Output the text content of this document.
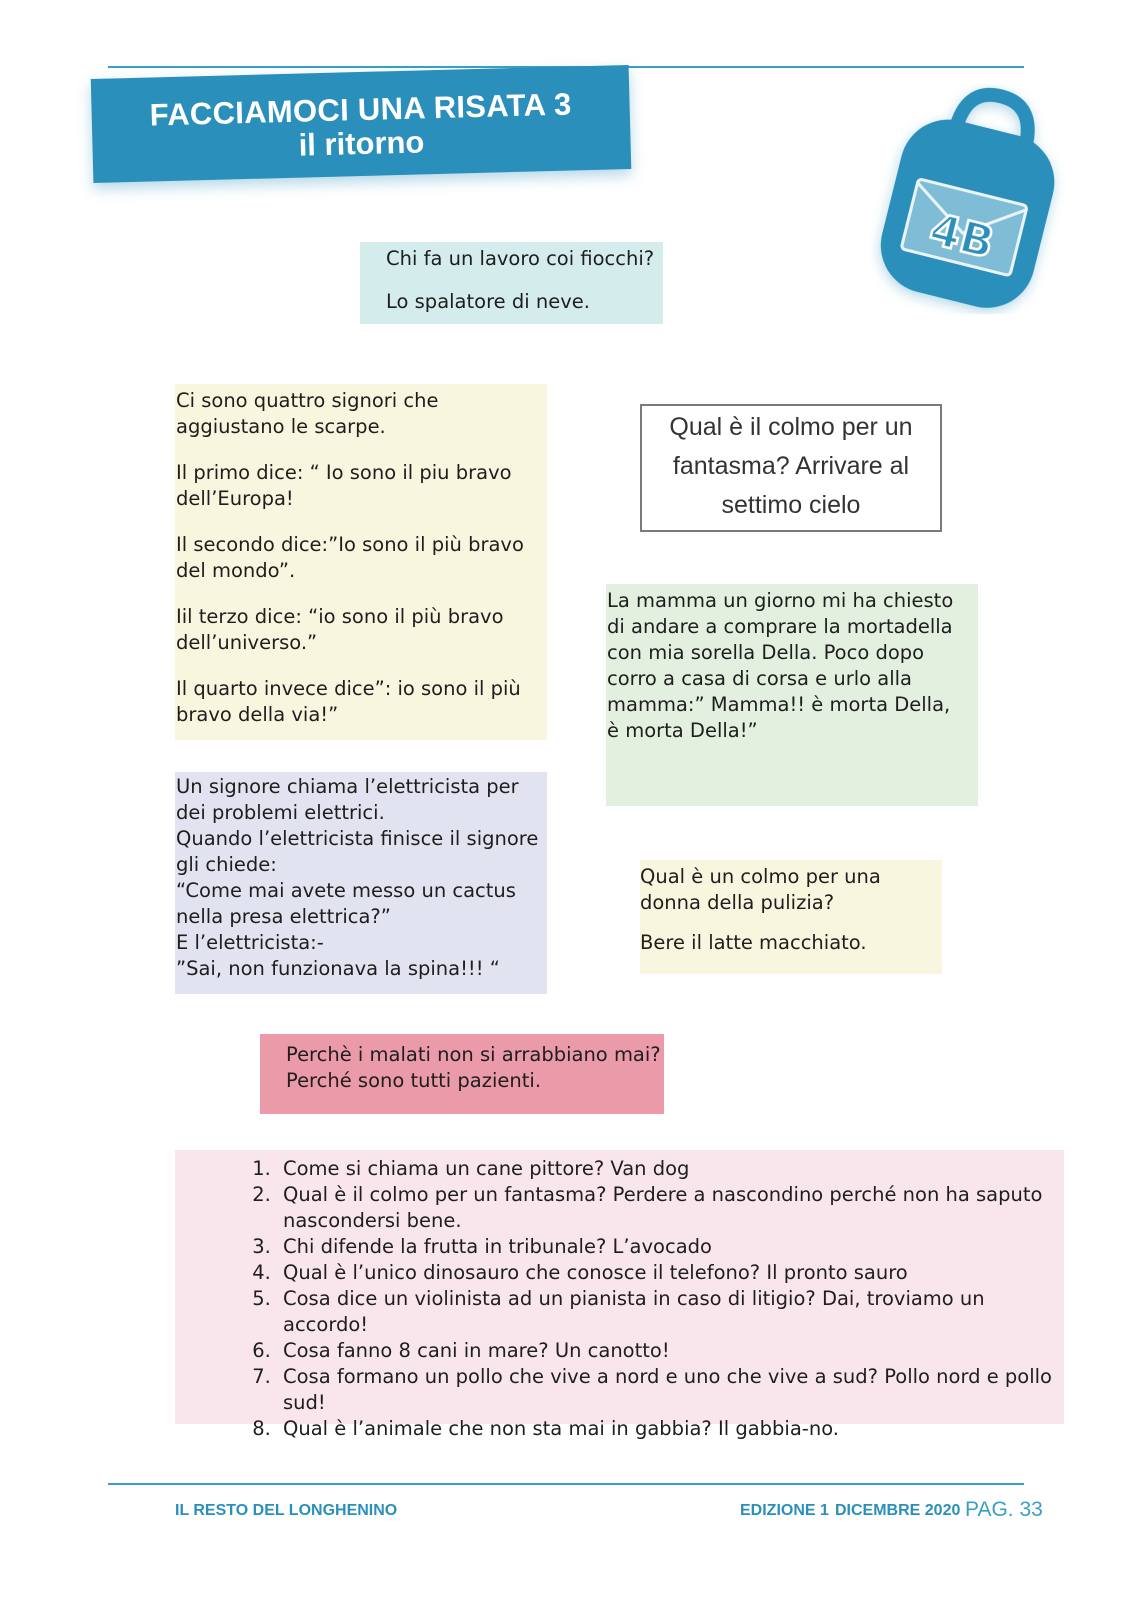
FACCIAMOCI UNA RISATA 3
il ritorno
4B

Chi fa un lavoro coi fiocchi?

Lo spalatore di neve.

Ci sono quattro signori che aggiustano le scarpe.

Il primo dice: “ Io sono il piu bravo dell’Europa!

Il secondo dice:”Io sono il più bravo del mondo”.

Iil terzo dice: “io sono il più bravo dell’universo.”

Il quarto invece dice”: io sono il più bravo della via!”

Qual è il colmo per un fantasma? Arrivare al settimo cielo

La mamma un giorno mi ha chiesto di andare a comprare la mortadella con mia sorella Della. Poco dopo corro a casa di corsa e urlo alla mamma:” Mamma!! è morta Della, è morta Della!”

Un signore chiama l’elettricista per dei problemi elettrici.

Quando l’elettricista finisce il signore gli chiede:

“Come mai avete messo un cactus nella presa elettrica?”

E l’elettricista:-

”Sai, non funzionava la spina!!! “

Qual è un colmo per una donna della pulizia?

Bere il latte macchiato.

Perchè i malati non si arrabbiano mai?

Perché sono tutti pazienti.

1. Come si chiama un cane pittore? Van dog
2. Qual è il colmo per un fantasma? Perdere a nascondino perché non ha saputo nascondersi bene.
3. Chi difende la frutta in tribunale? L’avocado
4. Qual è l’unico dinosauro che conosce il telefono? Il pronto sauro
5. Cosa dice un violinista ad un pianista in caso di litigio? Dai, troviamo un accordo!
6. Cosa fanno 8 cani in mare? Un canotto!
7. Cosa formano un pollo che vive a nord e uno che vive a sud? Pollo nord e pollo sud!
8. Qual è l’animale che non sta mai in gabbia? Il gabbia-no.
IL RESTO DEL LONGHENINO	EDIZIONE 1 DICEMBRE 2020 PAG. 33
